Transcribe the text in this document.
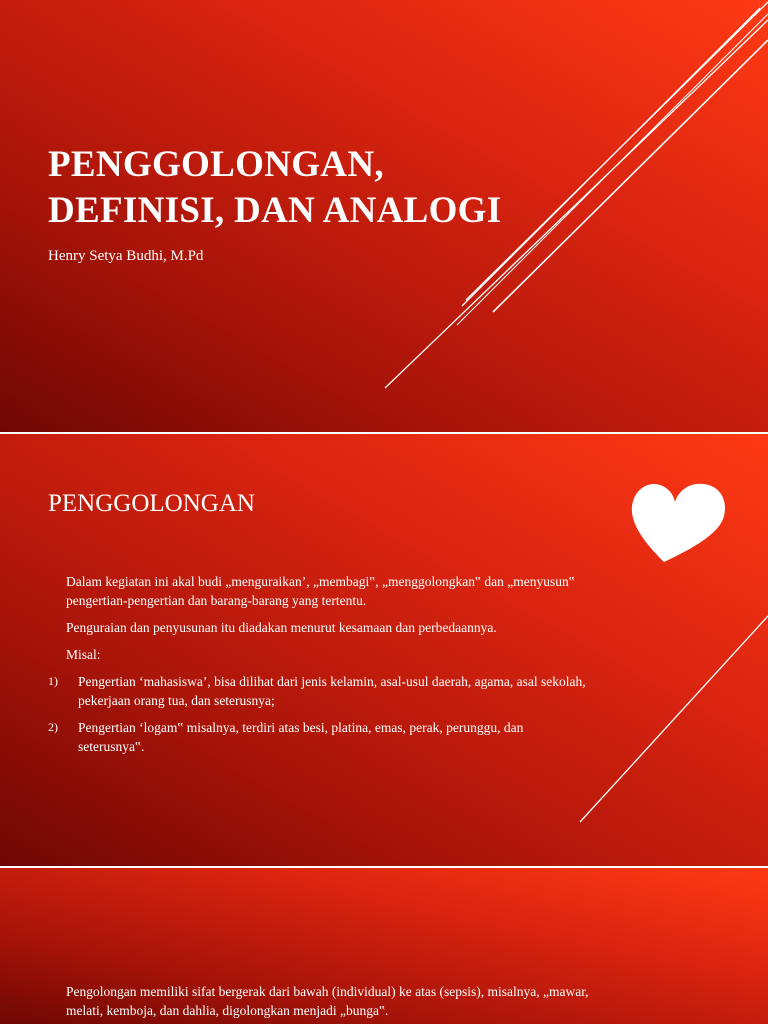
PENGGOLONGAN,
DEFINISI, DAN ANALOGI
Henry Setya Budhi, M.Pd
PENGGOLONGAN
Dalam kegiatan ini akal budi „menguraikan’, „membagi‟, „menggolongkan‟ dan „menyusun‟ pengertian-pengertian dan barang-barang yang tertentu.
Penguraian dan penyusunan itu diadakan menurut kesamaan dan perbedaannya.
Misal:
1) Pengertian ‘mahasiswa’, bisa dilihat dari jenis kelamin, asal-usul daerah, agama, asal sekolah, pekerjaan orang tua, dan seterusnya;
2) Pengertian ‘logam‟ misalnya, terdiri atas besi, platina, emas, perak, perunggu, dan seterusnya‟.
Pengolongan memiliki sifat bergerak dari bawah (individual) ke atas (sepsis), misalnya, „mawar, melati, kemboja, dan dahlia, digolongkan menjadi „bunga‟.
